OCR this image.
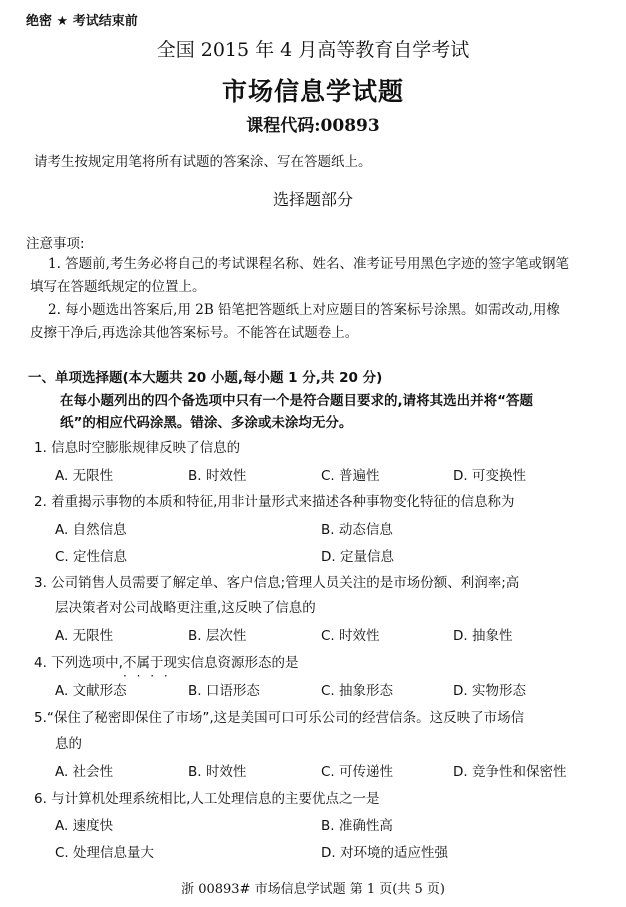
绝密 ★ 考试结束前
全国 2015 年 4 月高等教育自学考试
市场信息学试题
课程代码:00893
请考生按规定用笔将所有试题的答案涂、写在答题纸上。
选择题部分
注意事项:
1. 答题前,考生务必将自己的考试课程名称、姓名、准考证号用黑色字迹的签字笔或钢笔
填写在答题纸规定的位置上。
2. 每小题选出答案后,用 2B 铅笔把答题纸上对应题目的答案标号涂黑。如需改动,用橡
皮擦干净后,再选涂其他答案标号。不能答在试题卷上。
一、单项选择题(本大题共 20 小题,每小题 1 分,共 20 分)
在每小题列出的四个备选项中只有一个是符合题目要求的,请将其选出并将“答题
纸”的相应代码涂黑。错涂、多涂或未涂均无分。
1. 信息时空膨胀规律反映了信息的
A. 无限性	B. 时效性	C. 普遍性	D. 可变换性
2. 着重揭示事物的本质和特征,用非计量形式来描述各种事物变化特征的信息称为
A. 自然信息	B. 动态信息
C. 定性信息	D. 定量信息
3. 公司销售人员需要了解定单、客户信息;管理人员关注的是市场份额、利润率;高
层决策者对公司战略更注重,这反映了信息的
A. 无限性	B. 层次性	C. 时效性	D. 抽象性
4. 下列选项中,不属于 · · · ·现实信息资源形态的是
A. 文献形态	B. 口语形态	C. 抽象形态	D. 实物形态
5.“保住了秘密即保住了市场”,这是美国可口可乐公司的经营信条。这反映了市场信
息的
A. 社会性	B. 时效性	C. 可传递性	D. 竞争性和保密性
6. 与计算机处理系统相比,人工处理信息的主要优点之一是
A. 速度快	B. 准确性高
C. 处理信息量大	D. 对环境的适应性强
浙 00893# 市场信息学试题 第 1 页(共 5 页)
